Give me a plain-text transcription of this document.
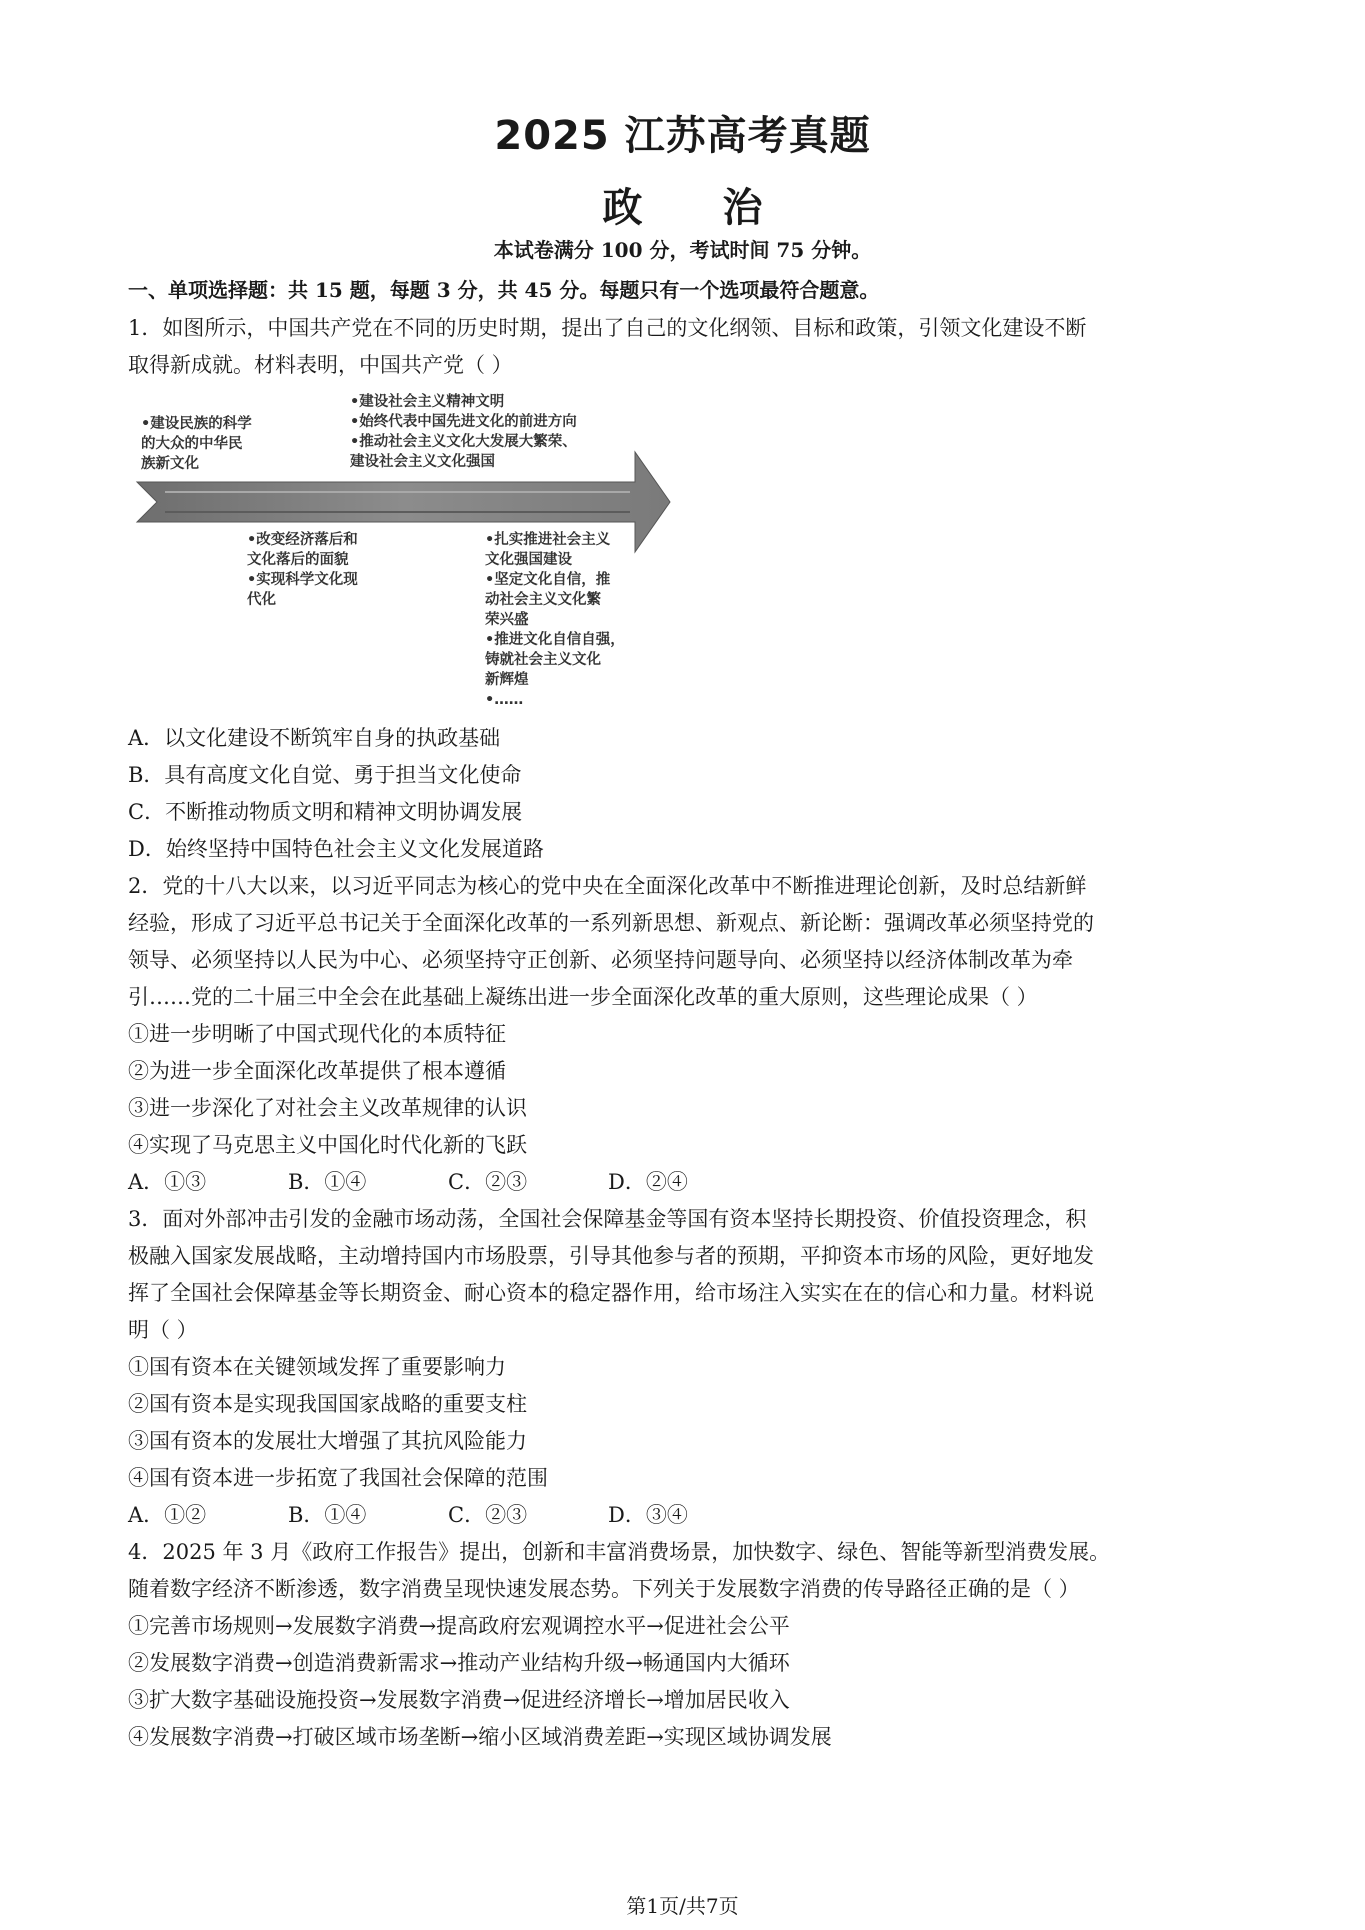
2025 江苏高考真题
政治
本试卷满分 100 分，考试时间 75 分钟。
一、单项选择题：共 15 题，每题 3 分，共 45 分。每题只有一个选项最符合题意。

1．如图所示，中国共产党在不同的历史时期，提出了自己的文化纲领、目标和政策，引领文化建设不断

取得新成就。材料表明，中国共产党（ ）

•建设民族的科学
的大众的中华民
族新文化
•建设社会主义精神文明
•始终代表中国先进文化的前进方向
•推动社会主义文化大发展大繁荣、
建设社会主义文化强国
•改变经济落后和
文化落后的面貌
•实现科学文化现
代化
•扎实推进社会主义
文化强国建设
•坚定文化自信，推
动社会主义文化繁
荣兴盛
•推进文化自信自强，
铸就社会主义文化
新辉煌
•……

A．以文化建设不断筑牢自身的执政基础

B．具有高度文化自觉、勇于担当文化使命

C．不断推动物质文明和精神文明协调发展

D．始终坚持中国特色社会主义文化发展道路

2．党的十八大以来，以习近平同志为核心的党中央在全面深化改革中不断推进理论创新，及时总结新鲜

经验，形成了习近平总书记关于全面深化改革的一系列新思想、新观点、新论断：强调改革必须坚持党的

领导、必须坚持以人民为中心、必须坚持守正创新、必须坚持问题导向、必须坚持以经济体制改革为牵

引……党的二十届三中全会在此基础上凝练出进一步全面深化改革的重大原则，这些理论成果（ ）

①进一步明晰了中国式现代化的本质特征

②为进一步全面深化改革提供了根本遵循

③进一步深化了对社会主义改革规律的认识

④实现了马克思主义中国化时代化新的飞跃

A．①③	B．①④	C．②③	D．②④

3．面对外部冲击引发的金融市场动荡，全国社会保障基金等国有资本坚持长期投资、价值投资理念，积

极融入国家发展战略，主动增持国内市场股票，引导其他参与者的预期，平抑资本市场的风险，更好地发

挥了全国社会保障基金等长期资金、耐心资本的稳定器作用，给市场注入实实在在的信心和力量。材料说

明（ ）

①国有资本在关键领域发挥了重要影响力

②国有资本是实现我国国家战略的重要支柱

③国有资本的发展壮大增强了其抗风险能力

④国有资本进一步拓宽了我国社会保障的范围

A．①②	B．①④	C．②③	D．③④

4．2025 年 3 月《政府工作报告》提出，创新和丰富消费场景，加快数字、绿色、智能等新型消费发展。

随着数字经济不断渗透，数字消费呈现快速发展态势。下列关于发展数字消费的传导路径正确的是（ ）

①完善市场规则→发展数字消费→提高政府宏观调控水平→促进社会公平

②发展数字消费→创造消费新需求→推动产业结构升级→畅通国内大循环

③扩大数字基础设施投资→发展数字消费→促进经济增长→增加居民收入

④发展数字消费→打破区域市场垄断→缩小区域消费差距→实现区域协调发展

第1页/共7页
